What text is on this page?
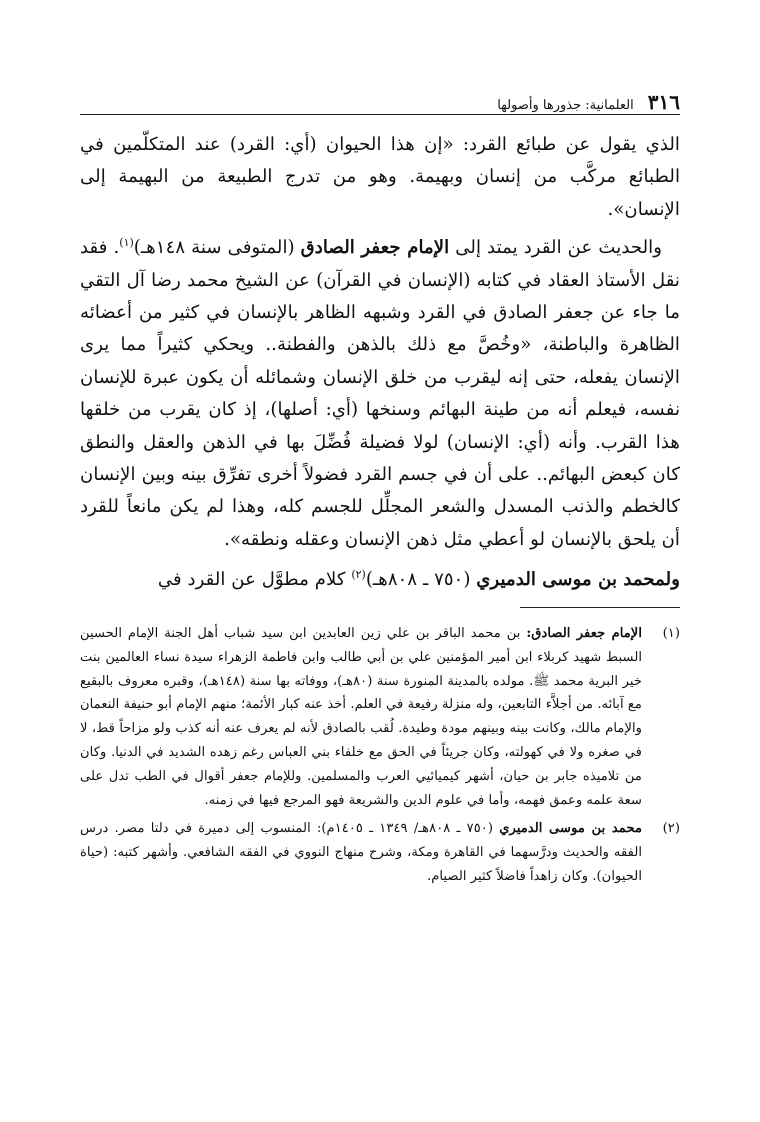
٣١٦
العلمانية: جذورها وأصولها

الذي يقول عن طبائع القرد: «إن هذا الحيوان (أي: القرد) عند المتكلّمين في الطبائع مركَّب من إنسان وبهيمة. وهو من تدرج الطبيعة من البهيمة إلى الإنسان».

والحديث عن القرد يمتد إلى الإمام جعفر الصادق (المتوفى سنة ١٤٨هـ)$^{(١)}$. فقد نقل الأستاذ العقاد في كتابه (الإنسان في القرآن) عن الشيخ محمد رضا آل التقي ما جاء عن جعفر الصادق في القرد وشبهه الظاهر بالإنسان في كثير من أعضائه الظاهرة والباطنة، «وخُصَّ مع ذلك بالذهن والفطنة.. ويحكي كثيراً مما يرى الإنسان يفعله، حتى إنه ليقرب من خلق الإنسان وشمائله أن يكون عبرة للإنسان نفسه، فيعلم أنه من طينة البهائم وسنخها (أي: أصلها)، إذ كان يقرب من خلقها هذا القرب. وأنه (أي: الإنسان) لولا فضيلة فُضِّلَ بها في الذهن والعقل والنطق كان كبعض البهائم.. على أن في جسم القرد فضولاً أخرى تفرِّق بينه وبين الإنسان كالخطم والذنب المسدل والشعر المجلِّل للجسم كله، وهذا لم يكن مانعاً للقرد أن يلحق بالإنسان لو أعطي مثل ذهن الإنسان وعقله ونطقه».

ولمحمد بن موسى الدميري (٧٥٠ ـ ٨٠٨هـ)$^{(٢)}$ كلام مطوَّل عن القرد في

(١)
الإمام جعفر الصادق: بن محمد الباقر بن علي زين العابدين ابن سيد شباب أهل الجنة الإمام الحسين السبط شهيد كربلاء ابن أمير المؤمنين علي بن أبي طالب وابن فاطمة الزهراء سيدة نساء العالمين بنت خير البرية محمد ﷺ. مولده بالمدينة المنورة سنة (٨٠هـ)، ووفاته بها سنة (١٤٨هـ)، وقبره معروف بالبقيع مع آبائه. من أجلاَّء التابعين، وله منزلة رفيعة في العلم. أخذ عنه كبار الأئمة؛ منهم الإمام أبو حنيفة النعمان والإمام مالك، وكانت بينه وبينهم مودة وطيدة. لُقب بالصادق لأنه لم يعرف عنه أنه كذب ولو مزاحاً قط، لا في صغره ولا في كهولته، وكان جريئاً في الحق مع خلفاء بني العباس رغم زهده الشديد في الدنيا. وكان من تلاميذه جابر بن حيان، أشهر كيميائيي العرب والمسلمين. وللإمام جعفر أقوال في الطب تدل على سعة علمه وعمق فهمه، وأما في علوم الدين والشريعة فهو المرجع فيها في زمنه.
(٢)
محمد بن موسى الدميري (٧٥٠ ـ ٨٠٨هـ/ ١٣٤٩ ـ ١٤٠٥م): المنسوب إلى دميرة في دلتا مصر. درس الفقه والحديث ودرَّسهما في القاهرة ومكة، وشرح منهاج النووي في الفقه الشافعي. وأشهر كتبه: (حياة الحيوان). وكان زاهداً فاضلاً كثير الصيام.
